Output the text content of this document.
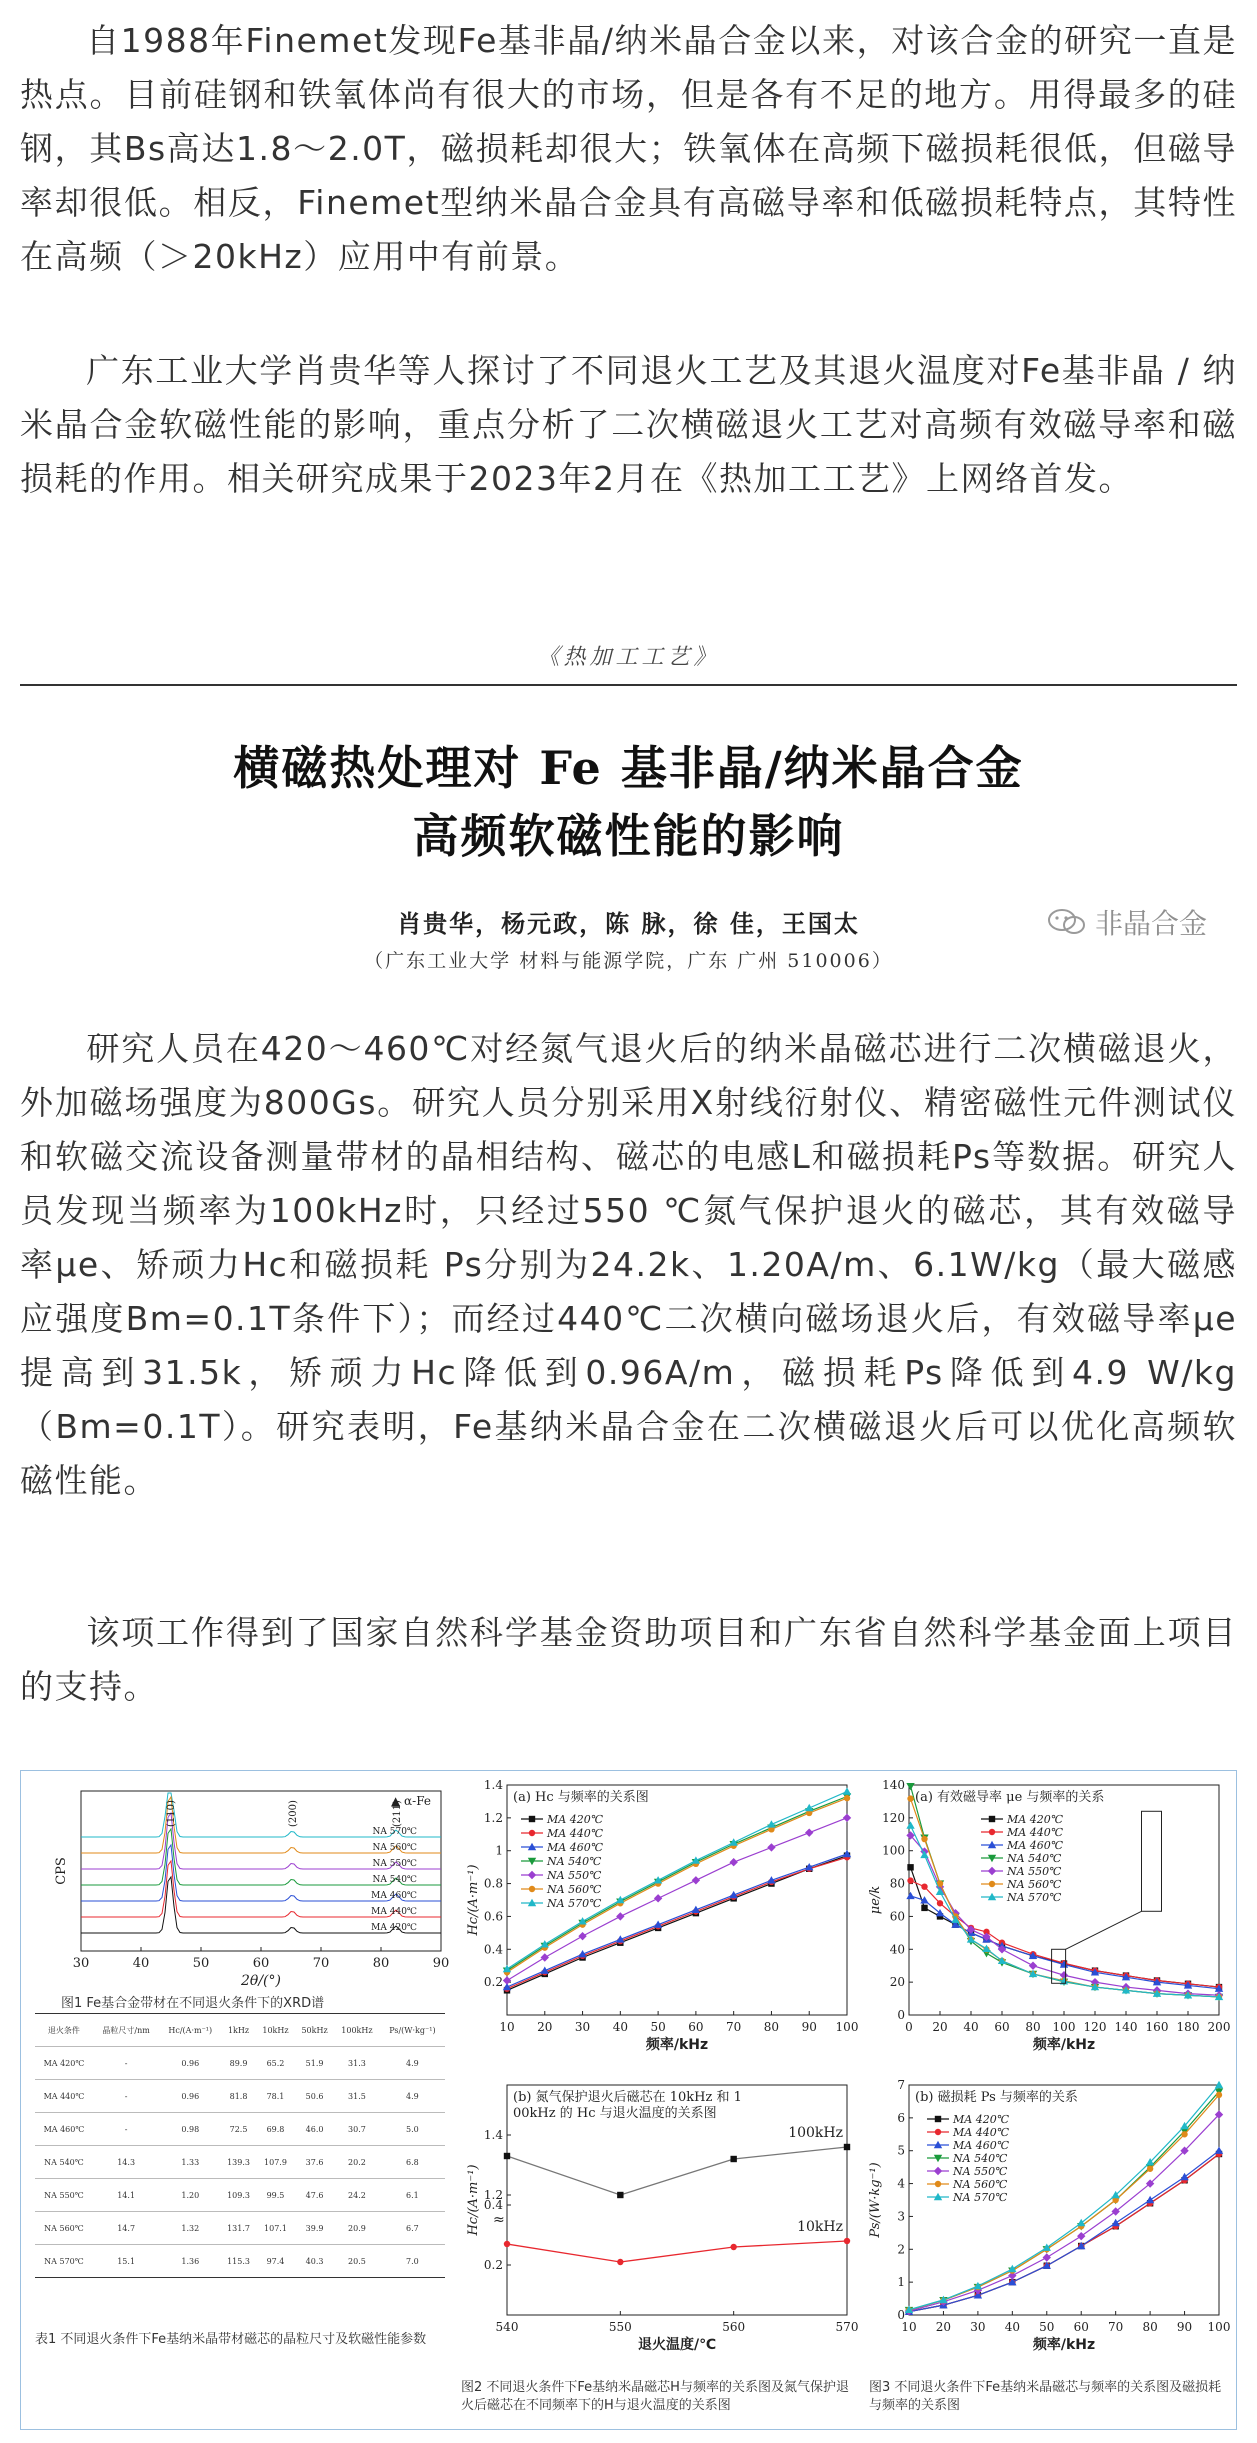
自1988年Finemet发现Fe基非晶/纳米晶合金以来，对该合金的研究一直是热点。目前硅钢和铁氧体尚有很大的市场，但是各有不足的地方。用得最多的硅钢，其Bs高达1.8～2.0T，磁损耗却很大；铁氧体在高频下磁损耗很低，但磁导率却很低。相反，Finemet型纳米晶合金具有高磁导率和低磁损耗特点，其特性在高频（＞20kHz）应用中有前景。

广东工业大学肖贵华等人探讨了不同退火工艺及其退火温度对Fe基非晶 / 纳米晶合金软磁性能的影响，重点分析了二次横磁退火工艺对高频有效磁导率和磁损耗的作用。相关研究成果于2023年2月在《热加工工艺》上网络首发。

《热加工工艺》
横磁热处理对 Fe 基非晶/纳米晶合金
高频软磁性能的影响
肖贵华，杨元政，陈 脉，徐 佳，王国太
（广东工业大学 材料与能源学院，广东 广州 510006）
非晶合金

研究人员在420～460℃对经氮气退火后的纳米晶磁芯进行二次横磁退火，外加磁场强度为800Gs。研究人员分别采用X射线衍射仪、精密磁性元件测试仪和软磁交流设备测量带材的晶相结构、磁芯的电感L和磁损耗Ps等数据。研究人员发现当频率为100kHz时，只经过550 ℃氮气保护退火的磁芯，其有效磁导率μe、矫顽力Hc和磁损耗 Ps分别为24.2k、1.20A/m、6.1W/kg（最大磁感应强度Bm=0.1T条件下）；而经过440℃二次横向磁场退火后，有效磁导率μe提高到31.5k，矫顽力Hc降低到0.96A/m，磁损耗Ps降低到4.9 W/kg（Bm=0.1T）。研究表明，Fe基纳米晶合金在二次横磁退火后可以优化高频软磁性能。

该项工作得到了国家自然科学基金资助项目和广东省自然科学基金面上项目的支持。

30	40	50	60	70	80	90
2θ/(°)
CPS
▲ α-Fe
NA 570℃
NA 560℃
NA 550℃
NA 540℃
MA 460℃
MA 440℃
MA 420℃
(110)	(200)	(211)
图1 Fe基合金带材在不同退火条件下的XRD谱
退火条件	晶粒尺寸/nm	Hc/(A·m⁻¹)	1kHz	10kHz	50kHz	100kHz	Ps/(W·kg⁻¹)
MA 420℃	-	0.96	89.9	65.2	51.9	31.3	4.9
MA 440℃	-	0.96	81.8	78.1	50.6	31.5	4.9
MA 460℃	-	0.98	72.5	69.8	46.0	30.7	5.0
NA 540℃	14.3	1.33	139.3	107.9	37.6	20.2	6.8
NA 550℃	14.1	1.20	109.3	99.5	47.6	24.2	6.1
NA 560℃	14.7	1.32	131.7	107.1	39.9	20.9	6.7
NA 570℃	15.1	1.36	115.3	97.4	40.3	20.5	7.0
表1 不同退火条件下Fe基纳米晶带材磁芯的晶粒尺寸及软磁性能参数
(a) Hc 与频率的关系图
10 20 30 40 50 60 70 80 90 100
频率/kHz
0.2
0.4
0.6
0.8
1
1.2
1.4
Hc/(A·m⁻¹)
MA 420℃
MA 440℃
MA 460℃
NA 540℃
NA 550℃
NA 560℃
NA 570℃
(b) 氮气保护退火后磁芯在 10kHz 和 1
00kHz 的 Hc 与退火温度的关系图
540	550	560	570
退火温度/℃
0.2
0.4
1.2
1.4
Hc/(A·m⁻¹) ≈
100kHz
10kHz
图2 不同退火条件下Fe基纳米晶磁芯H与频率的关系图及氮气保护退火后磁芯在不同频率下的H与退火温度的关系图
(a) 有效磁导率 μe 与频率的关系
0 20 40 60 80 100 120 140 160 180 200
频率/kHz
0
20
40
60
80
100
120
140
μe/k
MA 420℃
MA 440℃
MA 460℃
NA 540℃
NA 550℃
NA 560℃
NA 570℃
(b) 磁损耗 Ps 与频率的关系
10 20 30 40 50 60 70 80 90 100
频率/kHz
0
1
2
3
4
5
6
7
Ps/(W·kg⁻¹)
MA 420℃
MA 440℃
MA 460℃
NA 540℃
NA 550℃
NA 560℃
NA 570℃
图3 不同退火条件下Fe基纳米晶磁芯与频率的关系图及磁损耗与频率的关系图
